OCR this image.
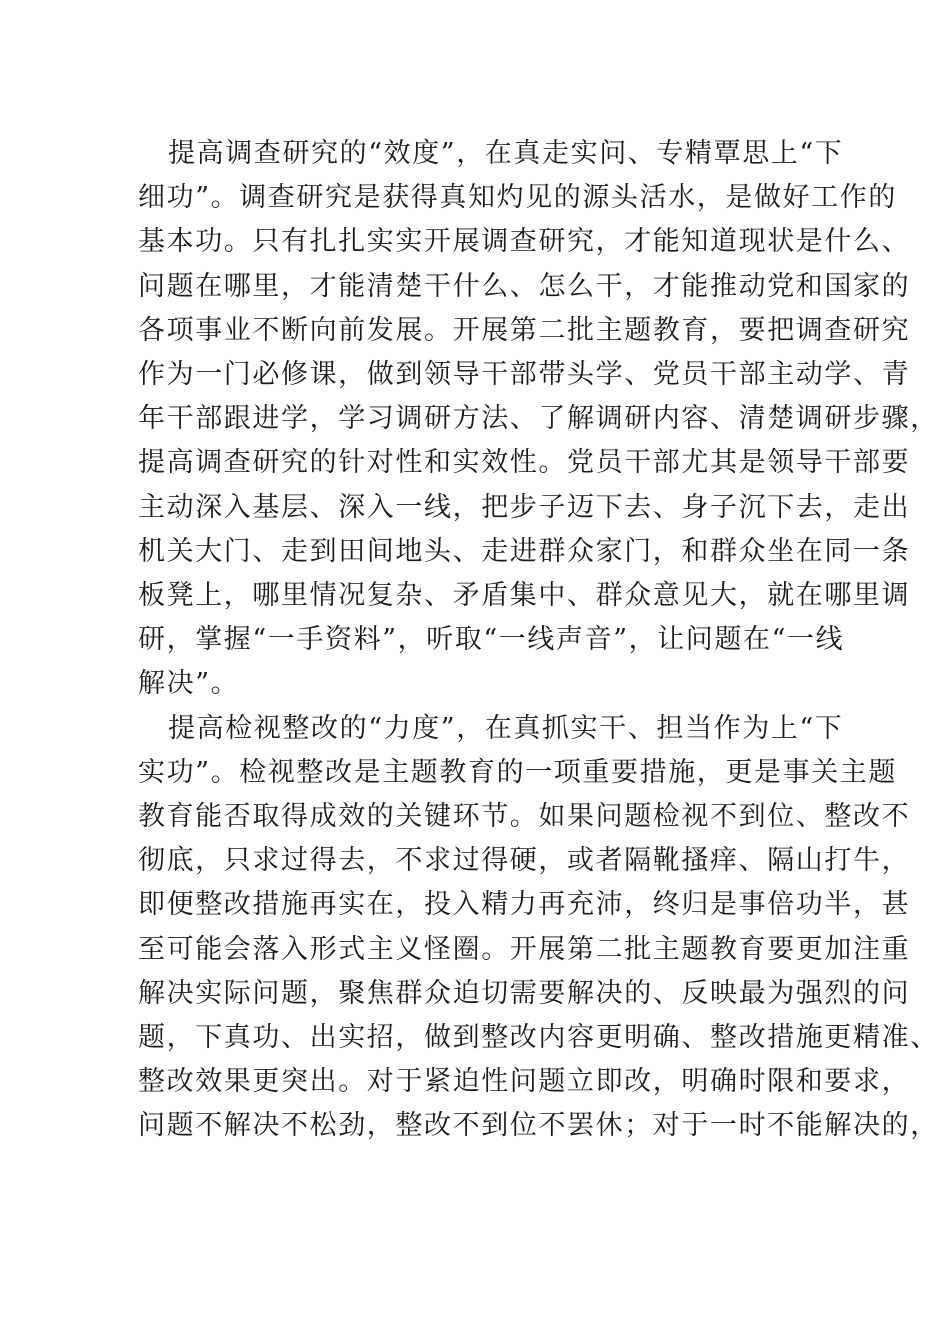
提高调查研究的“效度”，在真走实问、专精覃思上“下
细功”。调查研究是获得真知灼见的源头活水，是做好工作的
基本功。只有扎扎实实开展调查研究，才能知道现状是什么、
问题在哪里，才能清楚干什么、怎么干，才能推动党和国家的
各项事业不断向前发展。开展第二批主题教育，要把调查研究
作为一门必修课，做到领导干部带头学、党员干部主动学、青
年干部跟进学，学习调研方法、了解调研内容、清楚调研步骤，
提高调查研究的针对性和实效性。党员干部尤其是领导干部要
主动深入基层、深入一线，把步子迈下去、身子沉下去，走出
机关大门、走到田间地头、走进群众家门，和群众坐在同一条
板凳上，哪里情况复杂、矛盾集中、群众意见大，就在哪里调
研，掌握“一手资料”，听取“一线声音”，让问题在“一线
解决”。

提高检视整改的“力度”，在真抓实干、担当作为上“下
实功”。检视整改是主题教育的一项重要措施，更是事关主题
教育能否取得成效的关键环节。如果问题检视不到位、整改不
彻底，只求过得去，不求过得硬，或者隔靴搔痒、隔山打牛，
即便整改措施再实在，投入精力再充沛，终归是事倍功半，甚
至可能会落入形式主义怪圈。开展第二批主题教育要更加注重
解决实际问题，聚焦群众迫切需要解决的、反映最为强烈的问
题，下真功、出实招，做到整改内容更明确、整改措施更精准、
整改效果更突出。对于紧迫性问题立即改，明确时限和要求，
问题不解决不松劲，整改不到位不罢休；对于一时不能解决的，
